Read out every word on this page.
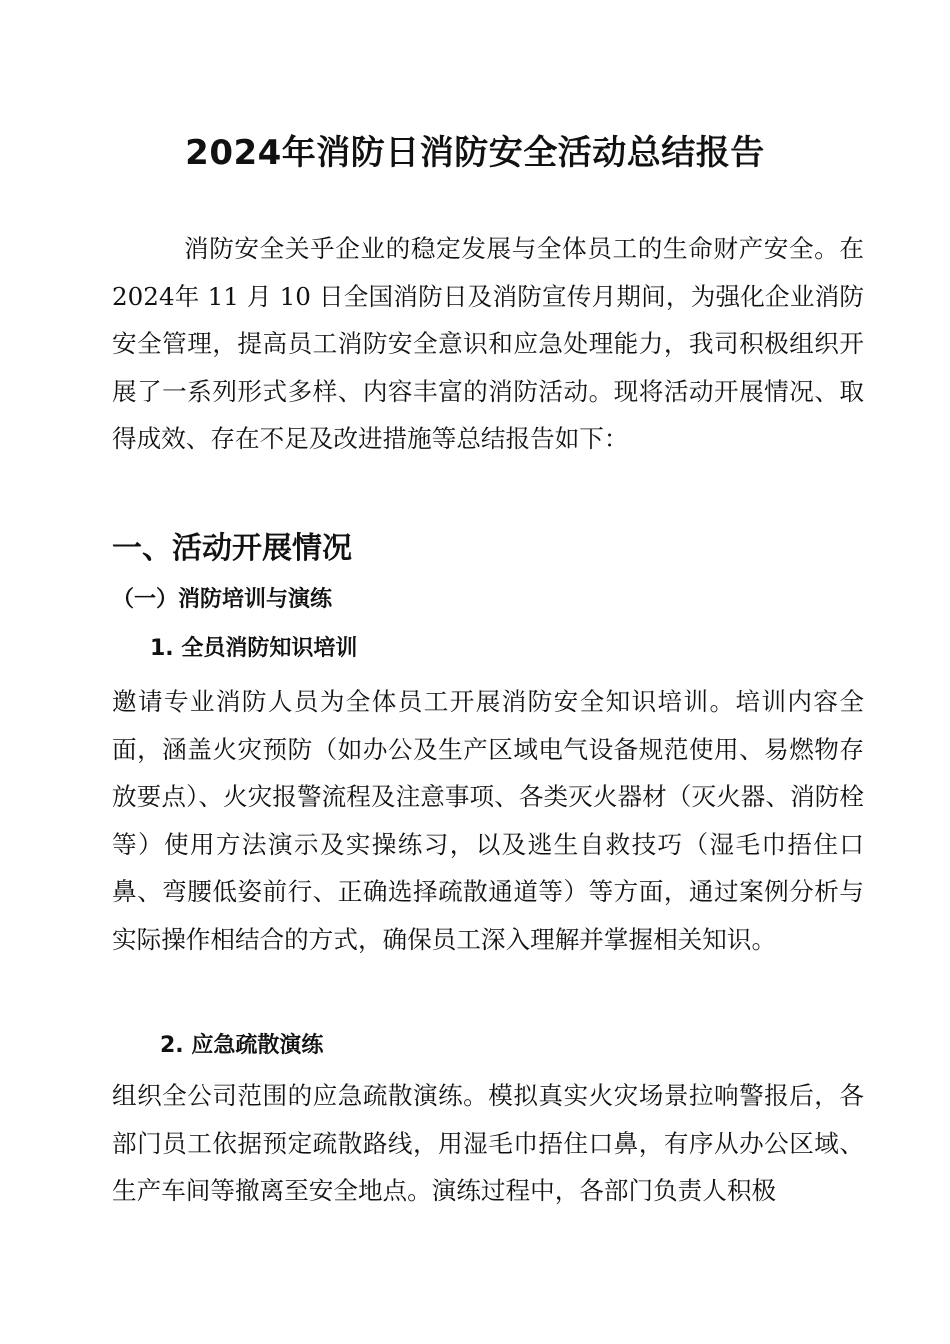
2024年消防日消防安全活动总结报告

消防安全关乎企业的稳定发展与全体员工的生命财产安全。在 2024年 11 月 10 日全国消防日及消防宣传月期间，为强化企业消防安全管理，提高员工消防安全意识和应急处理能力，我司积极组织开展了一系列形式多样、内容丰富的消防活动。现将活动开展情况、取得成效、存在不足及改进措施等总结报告如下：

一、活动开展情况
（一）消防培训与演练
1. 全员消防知识培训

邀请专业消防人员为全体员工开展消防安全知识培训。培训内容全面，涵盖火灾预防（如办公及生产区域电气设备规范使用、易燃物存放要点）、火灾报警流程及注意事项、各类灭火器材（灭火器、消防栓等）使用方法演示及实操练习，以及逃生自救技巧（湿毛巾捂住口鼻、弯腰低姿前行、正确选择疏散通道等）等方面，通过案例分析与实际操作相结合的方式，确保员工深入理解并掌握相关知识。

2. 应急疏散演练

组织全公司范围的应急疏散演练。模拟真实火灾场景拉响警报后，各部门员工依据预定疏散路线，用湿毛巾捂住口鼻，有序从办公区域、生产车间等撤离至安全地点。演练过程中，各部门负责人积极
